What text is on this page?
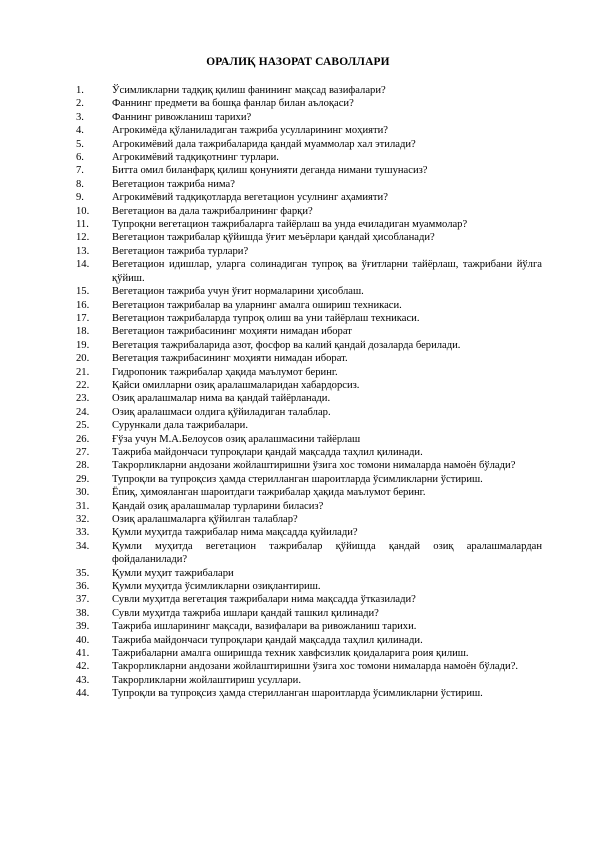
ОРАЛИҚ НАЗОРАТ САВОЛЛАРИ
1.	Ўсимликларни тадқиқ қилиш фанининг мақсад вазифалари?
2.	Фаннинг предмети ва бошқа фанлар билан аълоқаси?
3.	Фаннинг ривожланиш тарихи?
4.	Агрокимёда қўланиладиган тажриба усулларининг моҳияти?
5.	Агрокимёвий дала тажрибаларида қандай муаммолар хал этилади?
6.	Агрокимёвий тадқиқотнинг турлари.
7.	Битта омил биланфарқ қилиш қонунияти деганда нимани тушунасиз?
8.	Вегетацион тажриба нима?
9.	Агрокимёвий тадқиқотларда вегетацион усулнинг аҳамияти?
10.	Вегетацион ва дала тажрибалрининг фарқи?
11.	Тупроқни вегетацион тажрибаларга тайёрлаш ва унда ечиладиган муаммолар?
12.	Вегетацион тажрибалар қўйишда ўғит меъёрлари қандай ҳисобланади?
13.	Вегетацион тажриба турлари?
14.	Вегетацион идишлар, уларга солинадиган тупроқ ва ўғитларни тайёрлаш, тажрибани йўлга қўйиш.
15.	Вегетацион тажриба учун ўғит нормаларини ҳисоблаш.
16.	Вегетацион тажрибалар ва уларнинг амалга ошириш техникаси.
17.	Вегетацион тажрибаларда тупроқ олиш ва уни тайёрлаш техникаси.
18.	Вегетацион тажрибасининг моҳияти нимадан иборат
19.	Вегетация тажрибаларида азот, фосфор ва калий қандай дозаларда берилади.
20.	Вегетация тажрибасининг моҳияти нимадан иборат.
21.	Гидропоник тажрибалар ҳақида маълумот беринг.
22.	Қайси омилларни озиқ аралашмаларидан хабардорсиз.
23.	Озиқ аралашмалар нима ва қандай тайёрланади.
24.	Озиқ аралашмаси олдига қўйиладиган талаблар.
25.	Сурункали дала тажрибалари.
26.	Ғўза учун М.А.Белоусов озиқ аралашмасини тайёрлаш
27.	Тажриба майдончаси тупроқлари қандай мақсадда таҳлил қилинади.
28.	Такрорликларни андозани жойлаштиришни ўзига хос томони нималарда намоён бўлади?
29.	Тупроқли ва тупроқсиз ҳамда стерилланган шароитларда ўсимликларни ўстириш.
30.	Ёпиқ, ҳимояланган шароитдаги тажрибалар ҳақида маълумот беринг.
31.	Қандай озиқ аралашмалар турларини биласиз?
32.	Озиқ аралашмаларга қўйилган талаблар?
33.	Қумли муҳитда тажрибалар нима мақсадда қуйилади?
34.	Қумли муҳитда вегетацион тажрибалар қўйишда қандай озиқ аралашмалардан фойдаланилади?
35.	Қумли муҳит тажрибалари
36.	Қумли муҳитда ўсимликларни озиқлантириш.
37.	Сувли муҳитда вегетация тажрибалари нима мақсадда ўтказилади?
38.	Сувли муҳитда тажриба ишлари қандай ташкил қилинади?
39.	Тажриба ишларининг мақсади, вазифалари ва ривожланиш тарихи.
40.	Тажриба майдончаси тупроқлари қандай мақсадда таҳлил қилинади.
41.	Тажрибаларни амалга оширишда техник хавфсизлик қоидаларига роия қилиш.
42.	Такрорликларни андозани жойлаштиришни ўзига хос томони нималарда намоён бўлади?.
43.	Такрорликларни жойлаштириш усуллари.
44.	Тупроқли ва тупроқсиз ҳамда стерилланган шароитларда ўсимликларни ўстириш.
